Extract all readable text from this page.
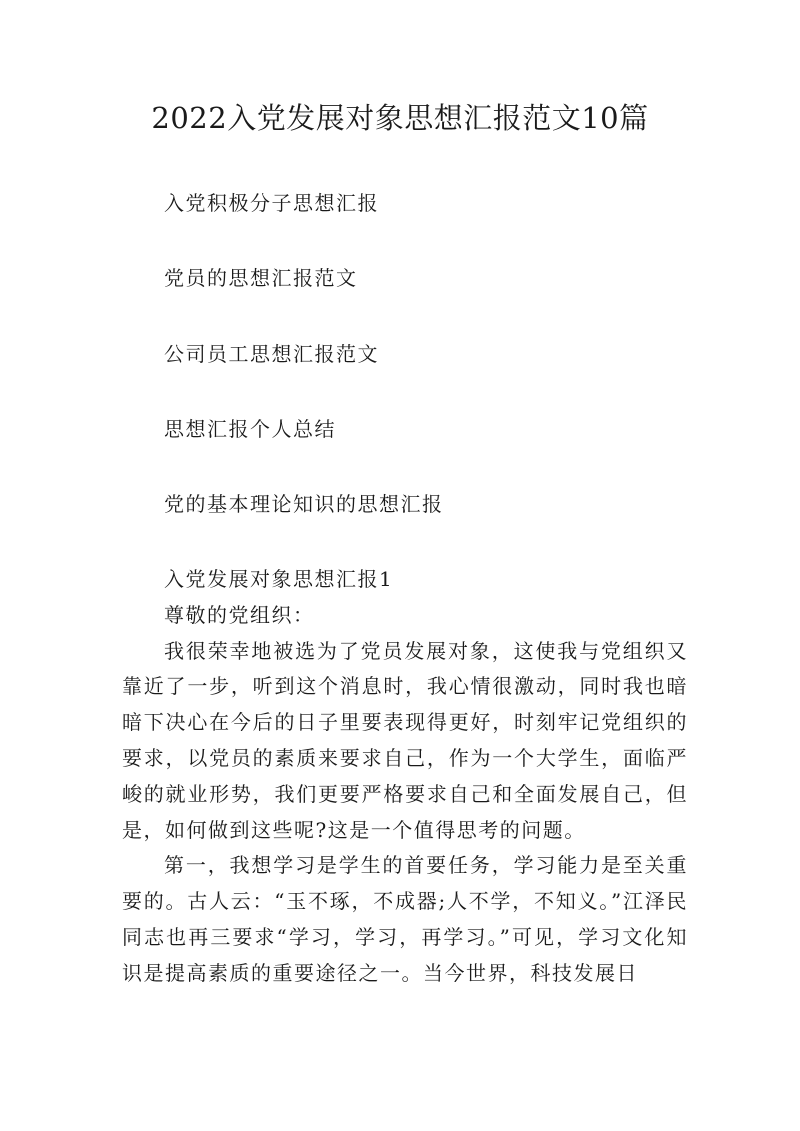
2022入党发展对象思想汇报范文10篇
入党积极分子思想汇报
党员的思想汇报范文
公司员工思想汇报范文
思想汇报个人总结
党的基本理论知识的思想汇报

入党发展对象思想汇报1

尊敬的党组织：

我很荣幸地被选为了党员发展对象，这使我与党组织又靠近了一步，听到这个消息时，我心情很激动，同时我也暗暗下决心在今后的日子里要表现得更好，时刻牢记党组织的要求，以党员的素质来要求自己，作为一个大学生，面临严峻的就业形势，我们更要严格要求自己和全面发展自己，但是，如何做到这些呢?这是一个值得思考的问题。

第一，我想学习是学生的首要任务，学习能力是至关重要的。古人云：“玉不琢，不成器;人不学，不知义。”江泽民同志也再三要求“学习，学习，再学习。”可见，学习文化知识是提高素质的重要途径之一。当今世界，科技发展日
